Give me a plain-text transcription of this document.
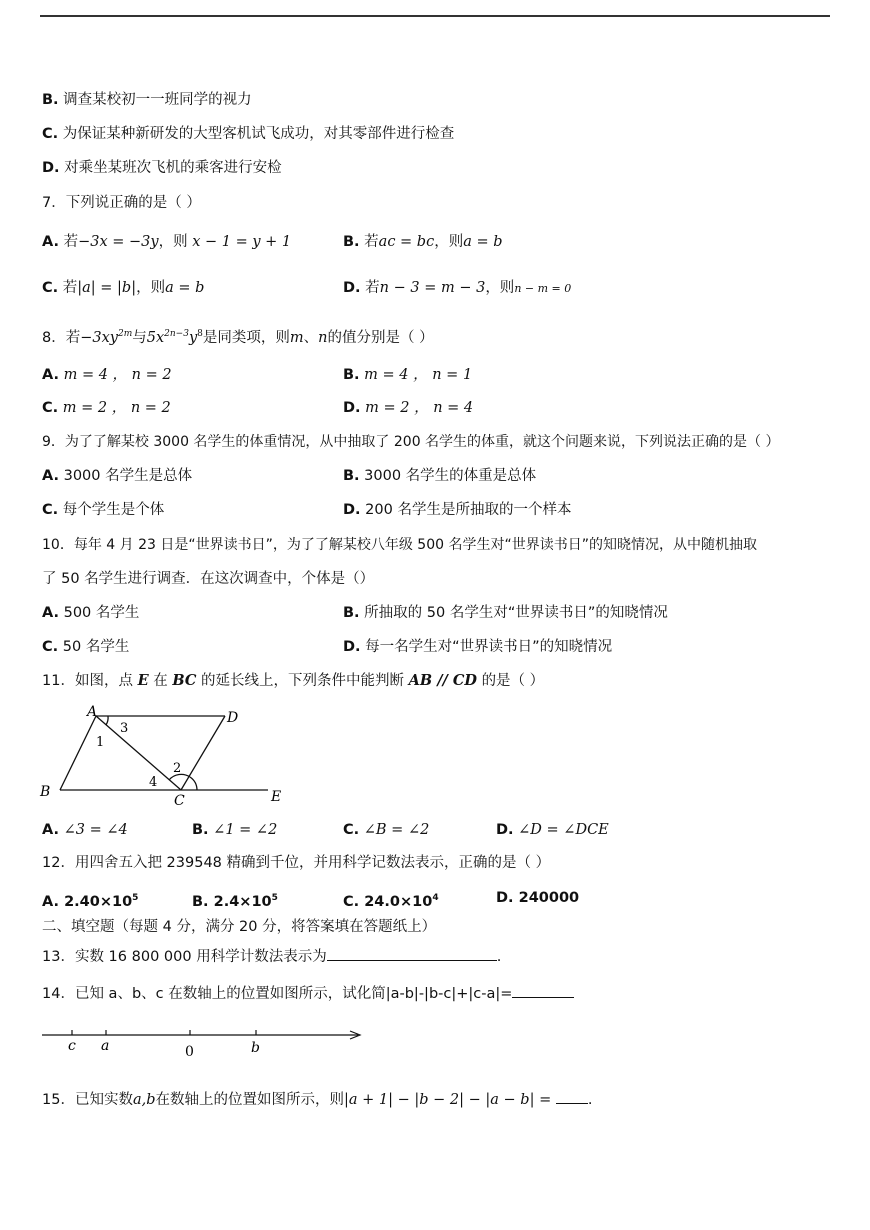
B. 调查某校初一一班同学的视力
C. 为保证某种新研发的大型客机试飞成功，对其零部件进行检查
D. 对乘坐某班次飞机的乘客进行安检
7．下列说正确的是（ ）
A. 若−3x = −3y，则 x − 1 = y + 1	B. 若ac = bc，则a = b
C. 若|a| = |b|，则a = b	D. 若n − 3 = m − 3，则n − m = 0
8．若$-3xy^{2m}$与$5x^{2n-3}y^8$是同类项，则m、n的值分别是（ ）
A. m = 4 ， n = 2	B. m = 4 ， n = 1
C. m = 2 ， n = 2	D. m = 2 ， n = 4
9．为了了解某校 3000 名学生的体重情况，从中抽取了 200 名学生的体重，就这个问题来说，下列说法正确的是（ ）
A. 3000 名学生是总体	B. 3000 名学生的体重是总体
C. 每个学生是个体	D. 200 名学生是所抽取的一个样本
10．每年 4 月 23 日是“世界读书日”，为了了解某校八年级 500 名学生对“世界读书日”的知晓情况，从中随机抽取
了 50 名学生进行调查．在这次调查中，个体是（）
A. 500 名学生	B. 所抽取的 50 名学生对“世界读书日”的知晓情况
C. 50 名学生	D. 每一名学生对“世界读书日”的知晓情况
11．如图，点 E 在 BC 的延长线上，下列条件中能判断 AB // CD 的是（ ）
A	D
B
C	E
1
3
2
4
A. ∠3 = ∠4	B. ∠1 = ∠2	C. ∠B = ∠2	D. ∠D = ∠DCE
12．用四舍五入把 239548 精确到千位，并用科学记数法表示，正确的是（ ）
A. $2.40\times 10^5$	B. $2.4\times 10^5$	C. $24.0\times 10^4$	D. 240000
二、填空题（每题 4 分，满分 20 分，将答案填在答题纸上）
13．实数 16 800 000 用科学计数法表示为	.
14．已知 a、b、c 在数轴上的位置如图所示，试化简|a-b|-|b-c|+|c-a|=
c a	0	b
15．已知实数a,b在数轴上的位置如图所示，则|a + 1| − |b − 2| − |a − b| =	.
